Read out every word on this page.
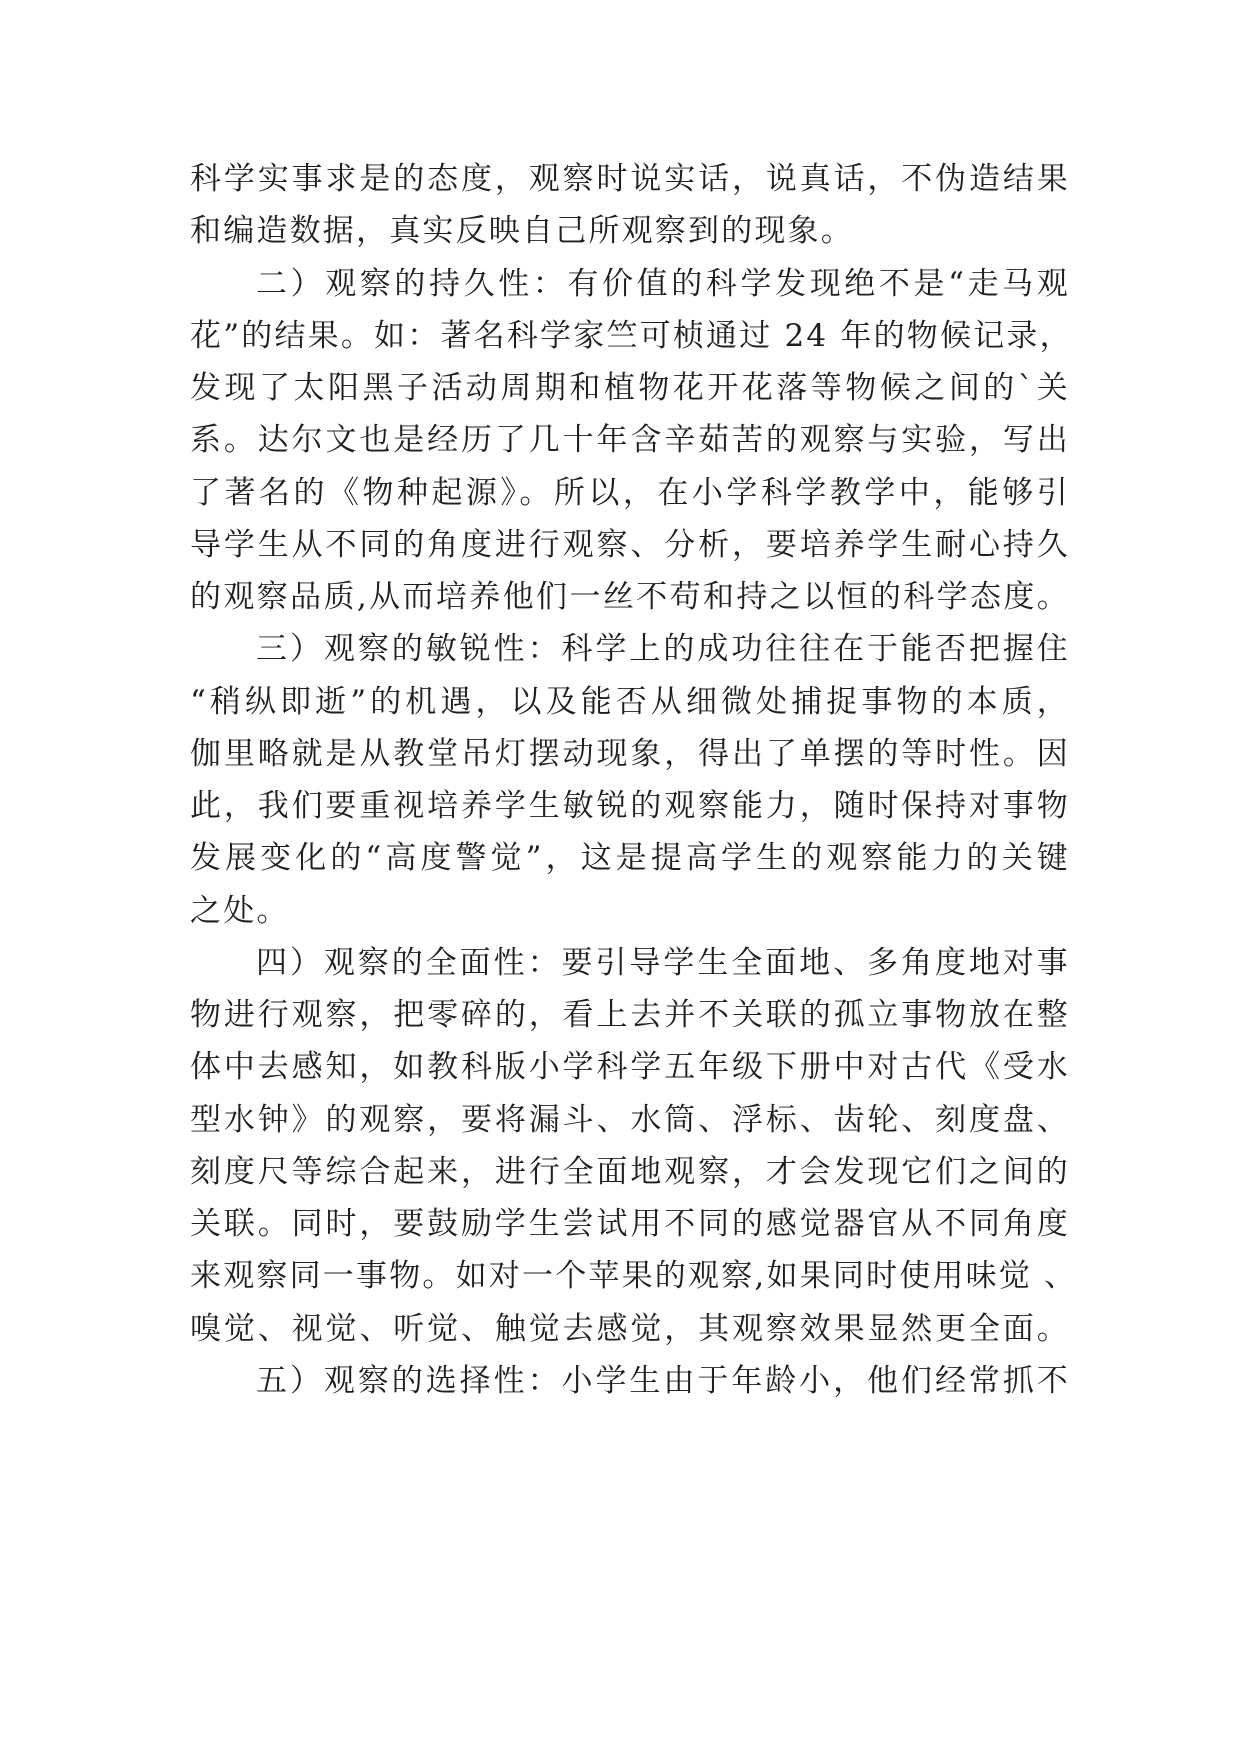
科学实事求是的态度，观察时说实话，说真话，不伪造结果
和编造数据，真实反映自己所观察到的现象。
二）观察的持久性：有价值的科学发现绝不是“走马观
花”的结果。如：著名科学家竺可桢通过 24 年的物候记录，
发现了太阳黑子活动周期和植物花开花落等物候之间的`关
系。达尔文也是经历了几十年含辛茹苦的观察与实验，写出
了著名的《物种起源》。所以，在小学科学教学中，能够引
导学生从不同的角度进行观察、分析，要培养学生耐心持久
的观察品质,从而培养他们一丝不苟和持之以恒的科学态度。
三）观察的敏锐性：科学上的成功往往在于能否把握住
“稍纵即逝”的机遇，以及能否从细微处捕捉事物的本质，
伽里略就是从教堂吊灯摆动现象，得出了单摆的等时性。因
此，我们要重视培养学生敏锐的观察能力，随时保持对事物
发展变化的“高度警觉”，这是提高学生的观察能力的关键
之处。
四）观察的全面性：要引导学生全面地、多角度地对事
物进行观察，把零碎的，看上去并不关联的孤立事物放在整
体中去感知，如教科版小学科学五年级下册中对古代《受水
型水钟》的观察，要将漏斗、水筒、浮标、齿轮、刻度盘、
刻度尺等综合起来，进行全面地观察，才会发现它们之间的
关联。同时，要鼓励学生尝试用不同的感觉器官从不同角度
来观察同一事物。如对一个苹果的观察,如果同时使用味觉 、
嗅觉、视觉、听觉、触觉去感觉，其观察效果显然更全面。
五）观察的选择性：小学生由于年龄小，他们经常抓不
